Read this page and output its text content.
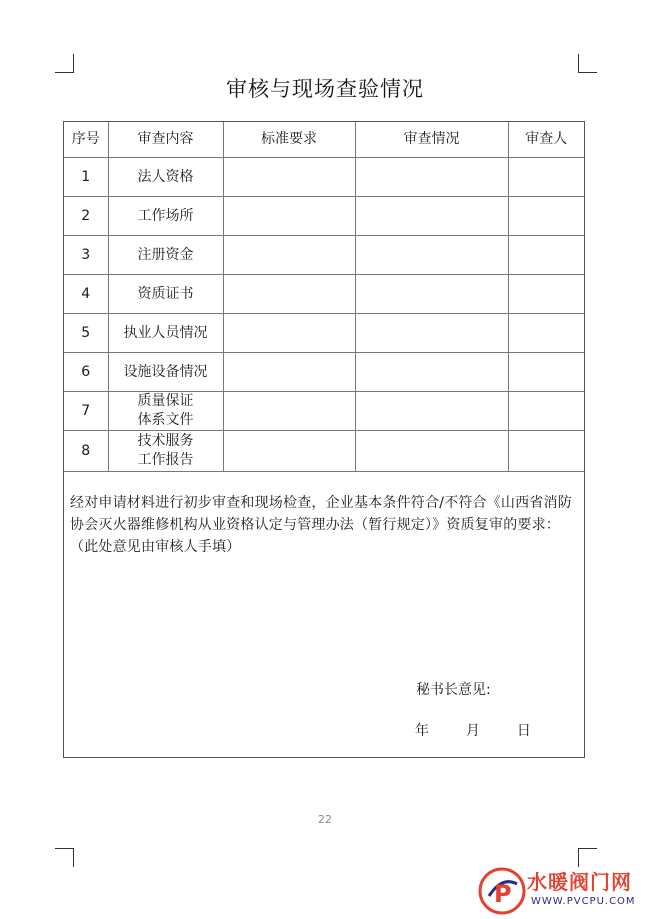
审核与现场查验情况
序号	审查内容	标准要求	审查情况	审查人
1	法人资格			

2	工作场所			

3	注册资金			

4	资质证书			

5	执业人员情况			

6	设施设备情况			

7	质量保证
体系文件			

8	技术服务
工作报告			

经对申请材料进行初步审查和现场检查，企业基本条件符合/不符合《山西省消防协会灭火器维修机构从业资格认定与管理办法（暂行规定）》资质复审的要求：（此处意见由审核人手填）
秘书长意见:
年	月	日
22
P 水暖阀门网
WWW.PVCPU.COM
